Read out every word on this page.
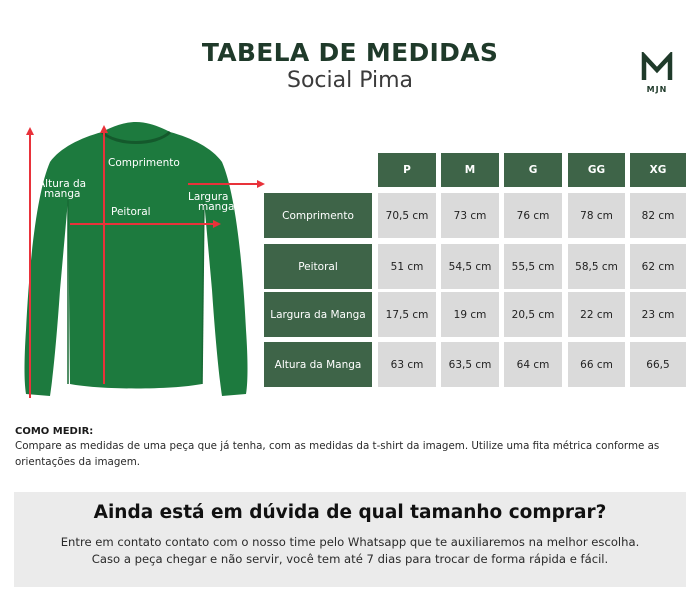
TABELA DE MEDIDAS
Social Pima	MJN
Comprimento
Altura da
manga
Peitoral
Largura da
manga
P	M	G	GG	XG
Comprimento	70,5 cm	73 cm	76 cm	78 cm	82 cm
Peitoral	51 cm	54,5 cm	55,5 cm	58,5 cm	62 cm
Largura da Manga	17,5 cm	19 cm	20,5 cm	22 cm	23 cm
Altura da Manga	63 cm	63,5 cm	64 cm	66 cm	66,5
COMO MEDIR:
Compare as medidas de uma peça que já tenha, com as medidas da t-shirt da imagem. Utilize uma fita métrica conforme as orientações da imagem.
Ainda está em dúvida de qual tamanho comprar?
Entre em contato contato com o nosso time pelo Whatsapp que te auxiliaremos na melhor escolha.
Caso a peça chegar e não servir, você tem até 7 dias para trocar de forma rápida e fácil.
